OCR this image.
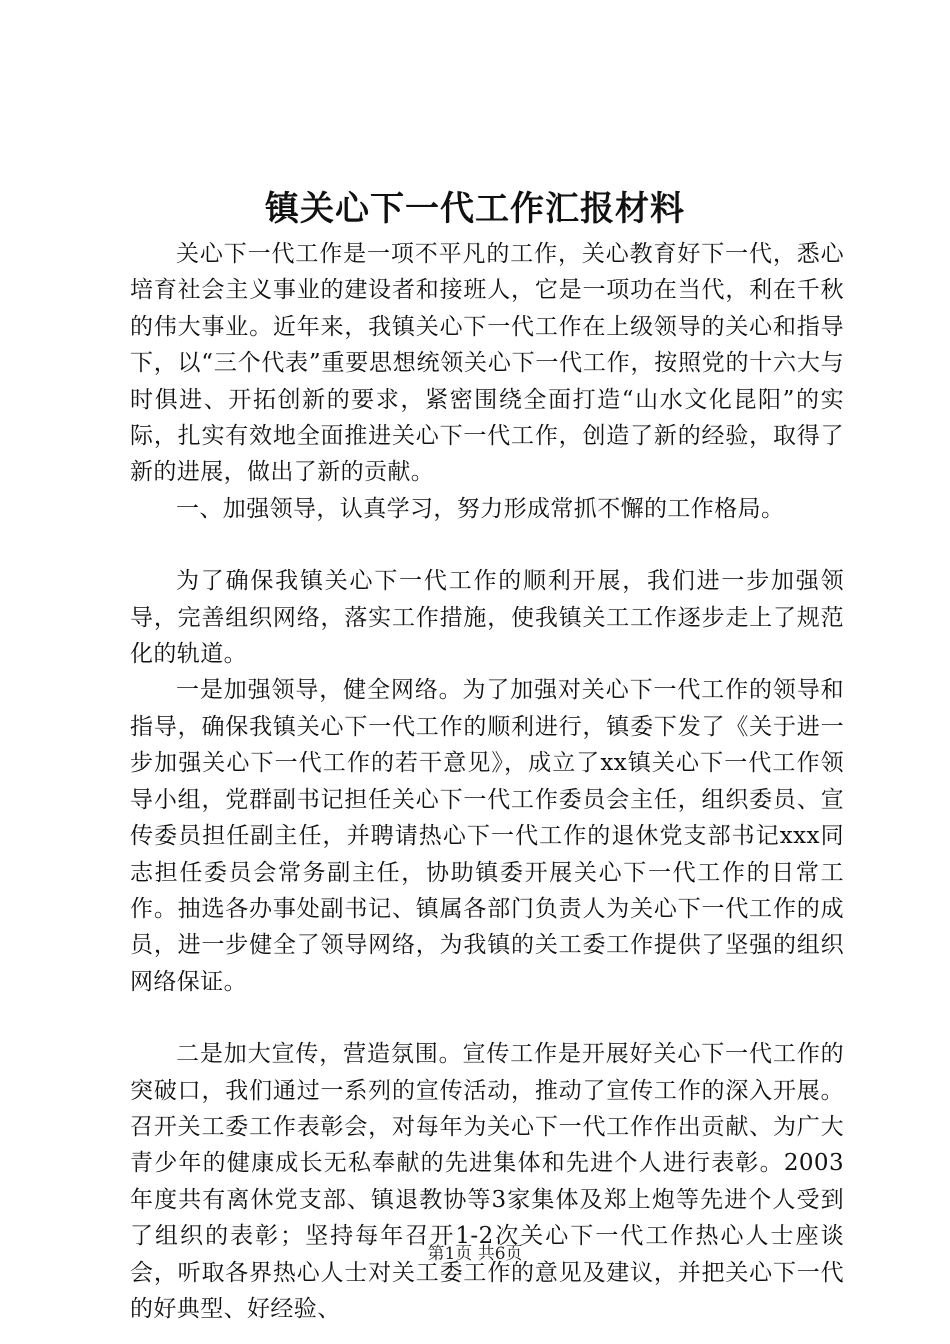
镇关心下一代工作汇报材料

关心下一代工作是一项不平凡的工作，关心教育好下一代，悉心培育社会主义事业的建设者和接班人，它是一项功在当代，利在千秋的伟大事业。近年来，我镇关心下一代工作在上级领导的关心和指导下，以“三个代表”重要思想统领关心下一代工作，按照党的十六大与时俱进、开拓创新的要求，紧密围绕全面打造“山水文化昆阳”的实际，扎实有效地全面推进关心下一代工作，创造了新的经验，取得了新的进展，做出了新的贡献。

一、加强领导，认真学习，努力形成常抓不懈的工作格局。

为了确保我镇关心下一代工作的顺利开展，我们进一步加强领导，完善组织网络，落实工作措施，使我镇关工工作逐步走上了规范化的轨道。

一是加强领导，健全网络。为了加强对关心下一代工作的领导和指导，确保我镇关心下一代工作的顺利进行，镇委下发了《关于进一步加强关心下一代工作的若干意见》，成立了xx镇关心下一代工作领导小组，党群副书记担任关心下一代工作委员会主任，组织委员、宣传委员担任副主任，并聘请热心下一代工作的退休党支部书记xxx同志担任委员会常务副主任，协助镇委开展关心下一代工作的日常工作。抽选各办事处副书记、镇属各部门负责人为关心下一代工作的成员，进一步健全了领导网络，为我镇的关工委工作提供了坚强的组织网络保证。

二是加大宣传，营造氛围。宣传工作是开展好关心下一代工作的突破口，我们通过一系列的宣传活动，推动了宣传工作的深入开展。召开关工委工作表彰会，对每年为关心下一代工作作出贡献、为广大青少年的健康成长无私奉献的先进集体和先进个人进行表彰。2003年度共有离休党支部、镇退教协等3家集体及郑上炮等先进个人受到了组织的表彰；坚持每年召开1-2次关心下一代工作热心人士座谈会，听取各界热心人士对关工委工作的意见及建议，并把关心下一代的好典型、好经验、

第1页 共6页
